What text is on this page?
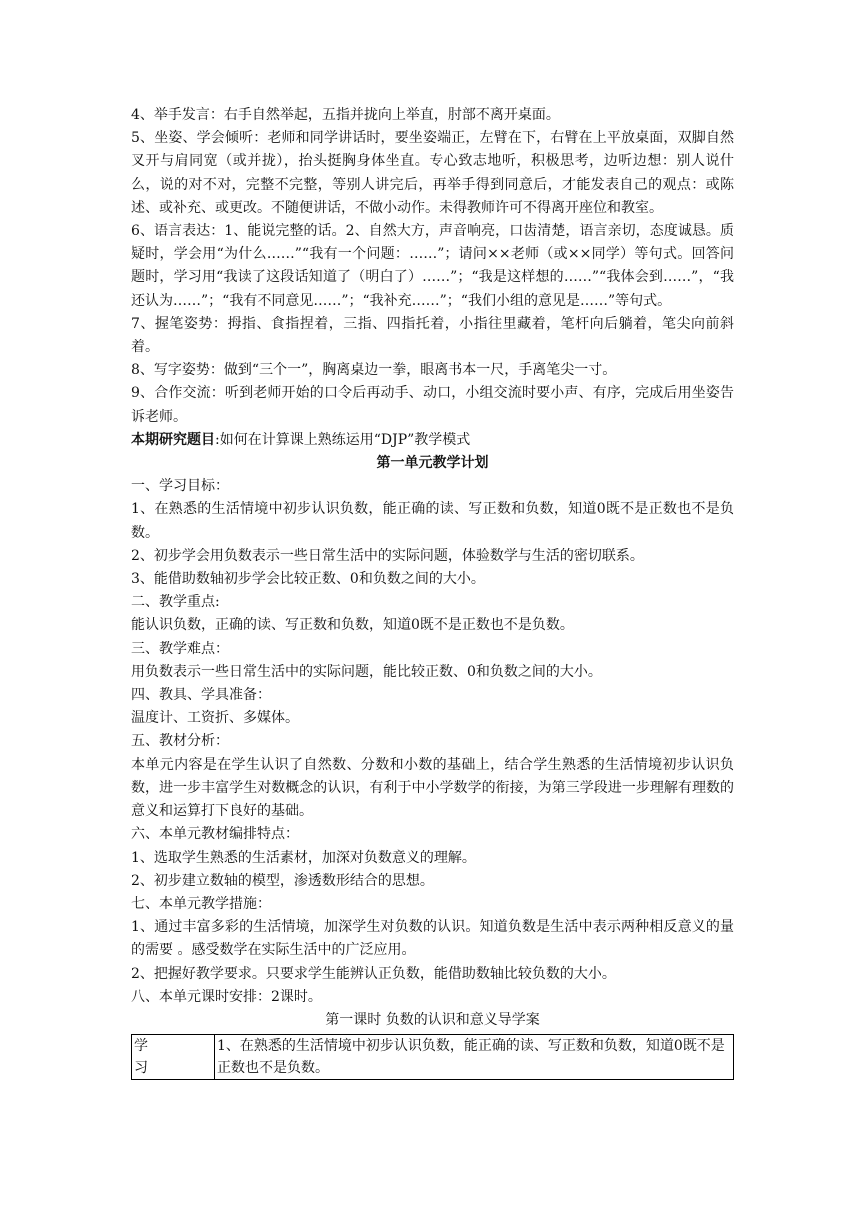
4、举手发言：右手自然举起，五指并拢向上举直，肘部不离开桌面。

5、坐姿、学会倾听：老师和同学讲话时，要坐姿端正，左臂在下，右臂在上平放桌面，双脚自然叉开与肩同宽（或并拢），抬头挺胸身体坐直。专心致志地听，积极思考，边听边想：别人说什么，说的对不对，完整不完整，等别人讲完后，再举手得到同意后，才能发表自己的观点：或陈述、或补充、或更改。不随便讲话，不做小动作。未得教师许可不得离开座位和教室。

6、语言表达：1、能说完整的话。2、自然大方，声音响亮，口齿清楚，语言亲切，态度诚恳。质疑时，学会用“为什么……”“我有一个问题：……”；请问××老师（或××同学）等句式。回答问题时，学习用“我读了这段话知道了（明白了）……”；“我是这样想的……”“我体会到……”，“我还认为……”；“我有不同意见……”；“我补充……”；“我们小组的意见是……”等句式。

7、握笔姿势：拇指、食指捏着，三指、四指托着，小指往里藏着，笔杆向后躺着，笔尖向前斜着。

8、写字姿势：做到“三个一”，胸离桌边一拳，眼离书本一尺，手离笔尖一寸。

9、合作交流：听到老师开始的口令后再动手、动口，小组交流时要小声、有序，完成后用坐姿告诉老师。

本期研究题目:如何在计算课上熟练运用“DJP”教学模式

第一单元教学计划

一、学习目标：

1、在熟悉的生活情境中初步认识负数，能正确的读、写正数和负数，知道0既不是正数也不是负数。

2、初步学会用负数表示一些日常生活中的实际问题，体验数学与生活的密切联系。

3、能借助数轴初步学会比较正数、0和负数之间的大小。

二、教学重点:

能认识负数，正确的读、写正数和负数，知道0既不是正数也不是负数。

三、教学难点：

用负数表示一些日常生活中的实际问题，能比较正数、0和负数之间的大小。

四、教具、学具准备：

温度计、工资折、多媒体。

五、教材分析：

本单元内容是在学生认识了自然数、分数和小数的基础上，结合学生熟悉的生活情境初步认识负数，进一步丰富学生对数概念的认识，有利于中小学数学的衔接，为第三学段进一步理解有理数的意义和运算打下良好的基础。

六、本单元教材编排特点：

1、选取学生熟悉的生活素材，加深对负数意义的理解。

2、初步建立数轴的模型，渗透数形结合的思想。

七、本单元教学措施：

1、通过丰富多彩的生活情境，加深学生对负数的认识。知道负数是生活中表示两种相反意义的量的需要 。感受数学在实际生活中的广泛应用。

2、把握好教学要求。只要求学生能辨认正负数，能借助数轴比较负数的大小。

八、本单元课时安排：2课时。

第一课时 负数的认识和意义导学案

学
习	1、在熟悉的生活情境中初步认识负数，能正确的读、写正数和负数，知道0既不是正数也不是负数。
